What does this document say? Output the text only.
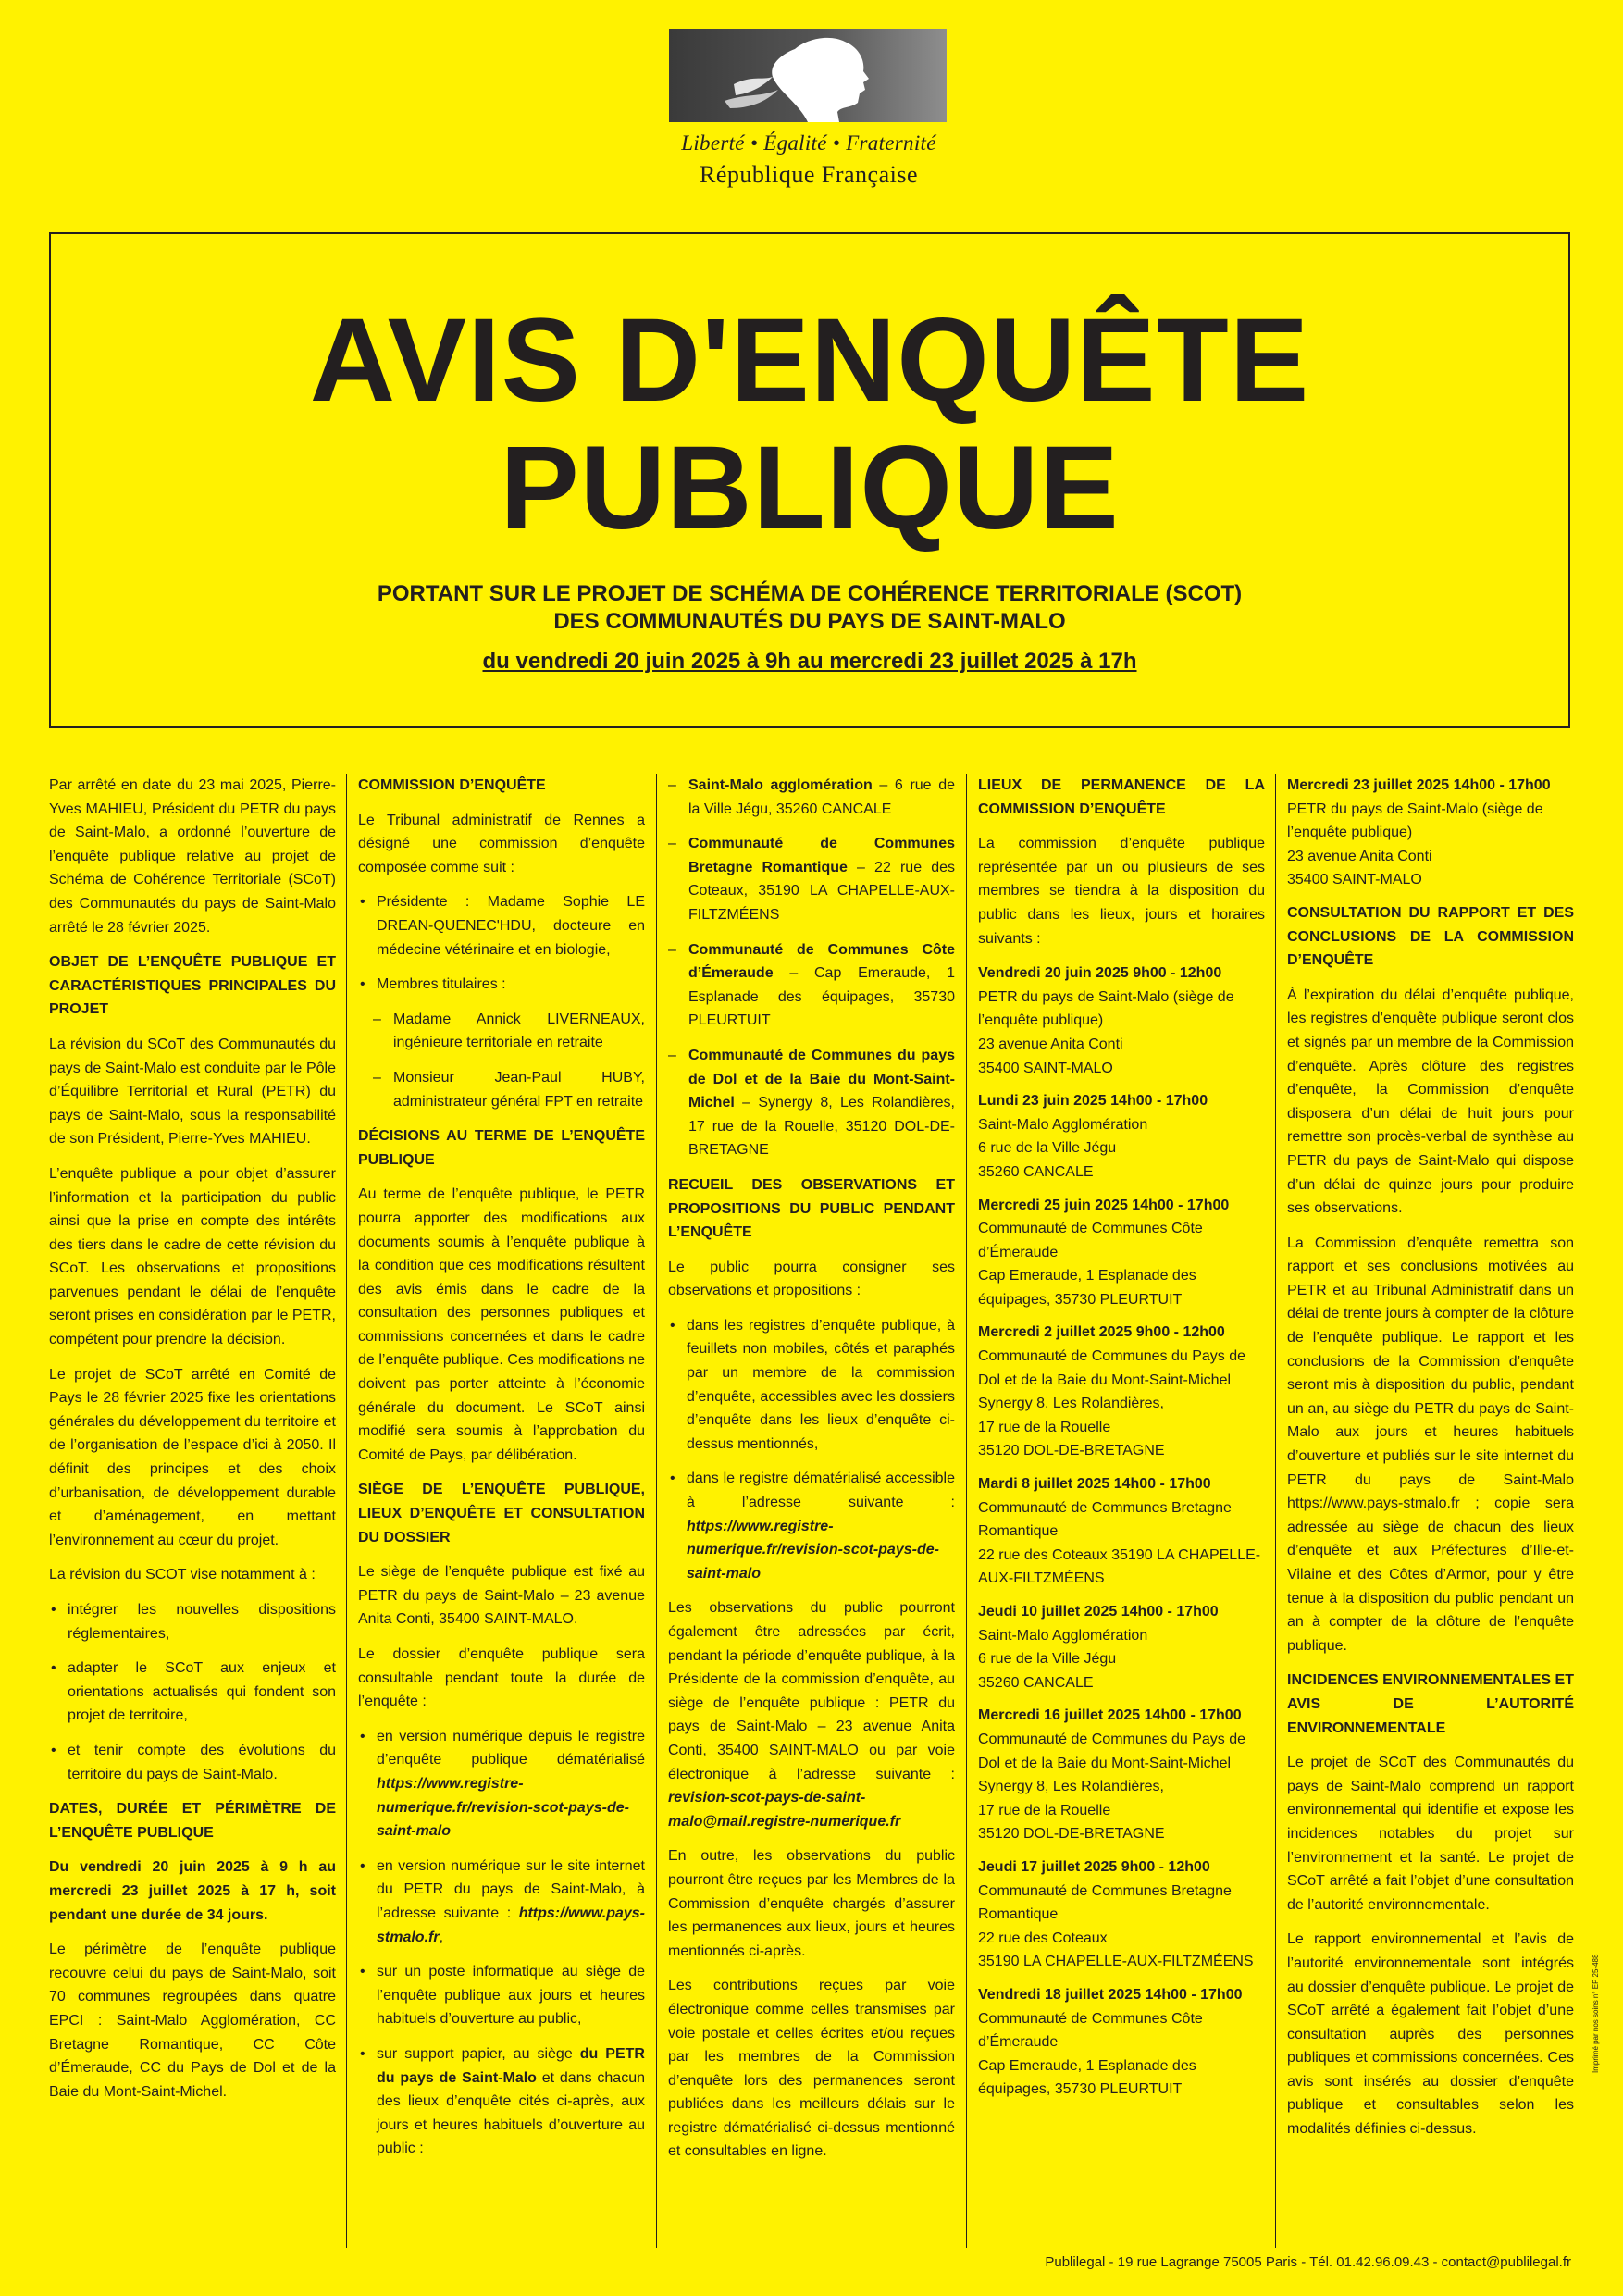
Liberté • Égalité • Fraternité
République Française
AVIS D'ENQUÊTE
PUBLIQUE
PORTANT SUR LE PROJET DE SCHÉMA DE COHÉRENCE TERRITORIALE (SCOT)
DES COMMUNAUTÉS DU PAYS DE SAINT-MALO
du vendredi 20 juin 2025 à 9h au mercredi 23 juillet 2025 à 17h

Par arrêté en date du 23 mai 2025, Pierre-Yves MAHIEU, Président du PETR du pays de Saint-Malo, a ordonné l’ouverture de l’enquête publique relative au projet de Schéma de Cohérence Territoriale (SCoT) des Communautés du pays de Saint-Malo arrêté le 28 février 2025.

OBJET DE L’ENQUÊTE PUBLIQUE ET CARACTÉRISTIQUES PRINCIPALES DU PROJET

La révision du SCoT des Communautés du pays de Saint-Malo est conduite par le Pôle d’Équilibre Territorial et Rural (PETR) du pays de Saint-Malo, sous la responsabilité de son Président, Pierre-Yves MAHIEU.

L’enquête publique a pour objet d’assurer l’information et la participation du public ainsi que la prise en compte des intérêts des tiers dans le cadre de cette révision du SCoT. Les observations et propositions parvenues pendant le délai de l’enquête seront prises en considération par le PETR, compétent pour prendre la décision.

Le projet de SCoT arrêté en Comité de Pays le 28 février 2025 fixe les orientations générales du développement du territoire et de l’organisation de l’espace d’ici à 2050. Il définit des principes et des choix d’urbanisation, de développement durable et d’aménagement, en mettant l’environnement au cœur du projet.

La révision du SCOT vise notamment à :

• intégrer les nouvelles dispositions réglementaires,
• adapter le SCoT aux enjeux et orientations actualisés qui fondent son projet de territoire,
• et tenir compte des évolutions du territoire du pays de Saint-Malo.
DATES, DURÉE ET PÉRIMÈTRE DE L’ENQUÊTE PUBLIQUE

Du vendredi 20 juin 2025 à 9 h au mercredi 23 juillet 2025 à 17 h, soit pendant une durée de 34 jours.

Le périmètre de l’enquête publique recouvre celui du pays de Saint-Malo, soit 70 communes regroupées dans quatre EPCI : Saint-Malo Agglomération, CC Bretagne Romantique, CC Côte d’Émeraude, CC du Pays de Dol et de la Baie du Mont-Saint-Michel.

COMMISSION D’ENQUÊTE

Le Tribunal administratif de Rennes a désigné une commission d’enquête composée comme suit :

• Présidente : Madame Sophie LE DREAN-QUENEC'HDU, docteure en médecine vétérinaire et en biologie,
• Membres titulaires :
– Madame Annick LIVERNEAUX, ingénieure territoriale en retraite
– Monsieur Jean-Paul HUBY, administrateur général FPT en retraite
DÉCISIONS AU TERME DE L’ENQUÊTE PUBLIQUE

Au terme de l’enquête publique, le PETR pourra apporter des modifications aux documents soumis à l’enquête publique à la condition que ces modifications résultent des avis émis dans le cadre de la consultation des personnes publiques et commissions concernées et dans le cadre de l’enquête publique. Ces modifications ne doivent pas porter atteinte à l’économie générale du document. Le SCoT ainsi modifié sera soumis à l’approbation du Comité de Pays, par délibération.

SIÈGE DE L’ENQUÊTE PUBLIQUE, LIEUX D’ENQUÊTE ET CONSULTATION DU DOSSIER

Le siège de l’enquête publique est fixé au PETR du pays de Saint-Malo – 23 avenue Anita Conti, 35400 SAINT-MALO.

Le dossier d’enquête publique sera consultable pendant toute la durée de l’enquête :

• en version numérique depuis le registre d’enquête publique dématérialisé https://www.registre-numerique.fr/revision-scot-pays-de-saint-malo
• en version numérique sur le site internet du PETR du pays de Saint-Malo, à l’adresse suivante : https://www.pays-stmalo.fr,
• sur un poste informatique au siège de l’enquête publique aux jours et heures habituels d’ouverture au public,
• sur support papier, au siège du PETR du pays de Saint-Malo et dans chacun des lieux d’enquête cités ci-après, aux jours et heures habituels d’ouverture au public :
– Saint-Malo agglomération – 6 rue de la Ville Jégu, 35260 CANCALE
– Communauté de Communes Bretagne Romantique – 22 rue des Coteaux, 35190 LA CHAPELLE-AUX-FILTZMÉENS
– Communauté de Communes Côte d’Émeraude – Cap Emeraude, 1 Esplanade des équipages, 35730 PLEURTUIT
– Communauté de Communes du pays de Dol et de la Baie du Mont-Saint-Michel – Synergy 8, Les Rolandières, 17 rue de la Rouelle, 35120 DOL-DE-BRETAGNE
RECUEIL DES OBSERVATIONS ET PROPOSITIONS DU PUBLIC PENDANT L’ENQUÊTE

Le public pourra consigner ses observations et propositions :

• dans les registres d’enquête publique, à feuillets non mobiles, côtés et paraphés par un membre de la commission d’enquête, accessibles avec les dossiers d’enquête dans les lieux d’enquête ci-dessus mentionnés,
• dans le registre dématérialisé accessible à l’adresse suivante : https://www.registre-numerique.fr/revision-scot-pays-de-saint-malo

Les observations du public pourront également être adressées par écrit, pendant la période d’enquête publique, à la Présidente de la commission d’enquête, au siège de l’enquête publique : PETR du pays de Saint-Malo – 23 avenue Anita Conti, 35400 SAINT-MALO ou par voie électronique à l’adresse suivante : revision-scot-pays-de-saint-malo@mail.registre-numerique.fr

En outre, les observations du public pourront être reçues par les Membres de la Commission d’enquête chargés d’assurer les permanences aux lieux, jours et heures mentionnés ci-après.

Les contributions reçues par voie électronique comme celles transmises par voie postale et celles écrites et/ou reçues par les membres de la Commission d’enquête lors des permanences seront publiées dans les meilleurs délais sur le registre dématérialisé ci-dessus mentionné et consultables en ligne.

LIEUX DE PERMANENCE DE LA COMMISSION D’ENQUÊTE

La commission d’enquête publique représentée par un ou plusieurs de ses membres se tiendra à la disposition du public dans les lieux, jours et horaires suivants :

Vendredi 20 juin 2025 9h00 - 12h00
PETR du pays de Saint-Malo (siège de l’enquête publique)
23 avenue Anita Conti
35400 SAINT-MALO
Lundi 23 juin 2025 14h00 - 17h00
Saint-Malo Agglomération
6 rue de la Ville Jégu
35260 CANCALE
Mercredi 25 juin 2025 14h00 - 17h00
Communauté de Communes Côte d’Émeraude
Cap Emeraude, 1 Esplanade des équipages, 35730 PLEURTUIT
Mercredi 2 juillet 2025 9h00 - 12h00
Communauté de Communes du Pays de Dol et de la Baie du Mont-Saint-Michel
Synergy 8, Les Rolandières,
17 rue de la Rouelle
35120 DOL-DE-BRETAGNE
Mardi 8 juillet 2025 14h00 - 17h00
Communauté de Communes Bretagne Romantique
22 rue des Coteaux 35190 LA CHAPELLE-AUX-FILTZMÉENS
Jeudi 10 juillet 2025 14h00 - 17h00
Saint-Malo Agglomération
6 rue de la Ville Jégu
35260 CANCALE
Mercredi 16 juillet 2025 14h00 - 17h00
Communauté de Communes du Pays de Dol et de la Baie du Mont-Saint-Michel
Synergy 8, Les Rolandières,
17 rue de la Rouelle
35120 DOL-DE-BRETAGNE
Jeudi 17 juillet 2025 9h00 - 12h00
Communauté de Communes Bretagne Romantique
22 rue des Coteaux
35190 LA CHAPELLE-AUX-FILTZMÉENS
Vendredi 18 juillet 2025 14h00 - 17h00
Communauté de Communes Côte d’Émeraude
Cap Emeraude, 1 Esplanade des équipages, 35730 PLEURTUIT
Mercredi 23 juillet 2025 14h00 - 17h00
PETR du pays de Saint-Malo (siège de l’enquête publique)
23 avenue Anita Conti
35400 SAINT-MALO
CONSULTATION DU RAPPORT ET DES CONCLUSIONS DE LA COMMISSION D’ENQUÊTE

À l’expiration du délai d’enquête publique, les registres d’enquête publique seront clos et signés par un membre de la Commission d’enquête. Après clôture des registres d’enquête, la Commission d’enquête disposera d’un délai de huit jours pour remettre son procès-verbal de synthèse au PETR du pays de Saint-Malo qui dispose d’un délai de quinze jours pour produire ses observations.

La Commission d’enquête remettra son rapport et ses conclusions motivées au PETR et au Tribunal Administratif dans un délai de trente jours à compter de la clôture de l’enquête publique. Le rapport et les conclusions de la Commission d’enquête seront mis à disposition du public, pendant un an, au siège du PETR du pays de Saint-Malo aux jours et heures habituels d’ouverture et publiés sur le site internet du PETR du pays de Saint-Malo https://www.pays-stmalo.fr ; copie sera adressée au siège de chacun des lieux d’enquête et aux Préfectures d’Ille-et-Vilaine et des Côtes d’Armor, pour y être tenue à la disposition du public pendant un an à compter de la clôture de l’enquête publique.

INCIDENCES ENVIRONNEMENTALES ET AVIS DE L’AUTORITÉ ENVIRONNEMENTALE

Le projet de SCoT des Communautés du pays de Saint-Malo comprend un rapport environnemental qui identifie et expose les incidences notables du projet sur l’environnement et la santé. Le projet de SCoT arrêté a fait l’objet d’une consultation de l’autorité environnementale.

Le rapport environnemental et l’avis de l’autorité environnementale sont intégrés au dossier d’enquête publique. Le projet de SCoT arrêté a également fait l’objet d’une consultation auprès des personnes publiques et commissions concernées. Ces avis sont insérés au dossier d’enquête publique et consultables selon les modalités définies ci-dessus.

Imprimé par nos soins n° EP 25-488
Publilegal - 19 rue Lagrange 75005 Paris - Tél. 01.42.96.09.43 - contact@publilegal.fr
